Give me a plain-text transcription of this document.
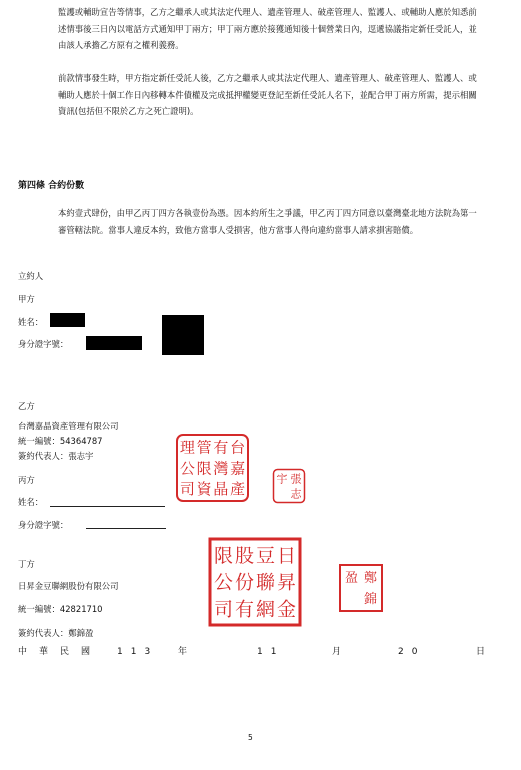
監護或輔助宣告等情事，乙方之繼承人或其法定代理人、遺產管理人、破產管理人、監護人、或輔助人應於知悉前述情事後三日內以電話方式通知甲丁兩方；甲丁兩方應於接獲通知後十個營業日內，逕遞協議指定新任受託人，並由該人承擔乙方原有之權利義務。
前款情事發生時，甲方指定新任受託人後，乙方之繼承人或其法定代理人、遺產管理人、破產管理人、監護人、或輔助人應於十個工作日內移轉本件債權及完成抵押權變更登記至新任受託人名下，並配合甲丁兩方所需，提示相關資訊(包括但不限於乙方之死亡證明)。
第四條 合約份數
本約壹式肆份，由甲乙丙丁四方各執壹份為憑。因本約所生之爭議，甲乙丙丁四方同意以臺灣臺北地方法院為第一審管轄法院。當事人違反本約，致他方當事人受損害，他方當事人得向違約當事人請求損害賠償。
立約人
甲方
姓名：
身分證字號：
乙方
台灣嘉晶資產管理有限公司
統一編號：54364787
簽約代表人：張志宇	台
嘉
產
有
灣
晶
管
限
資
理
公
司
張
志
宇
丙方
姓名：
身分證字號：
丁方
日昇金豆聯網股份有限公司
統一編號：42821710
簽約代表人：鄭錦盈
日
昇
金
豆
聯
網
股
份
有
限
公
司
鄭
錦
盈
中 華 民 國	113 年	11	月	20	日
5
